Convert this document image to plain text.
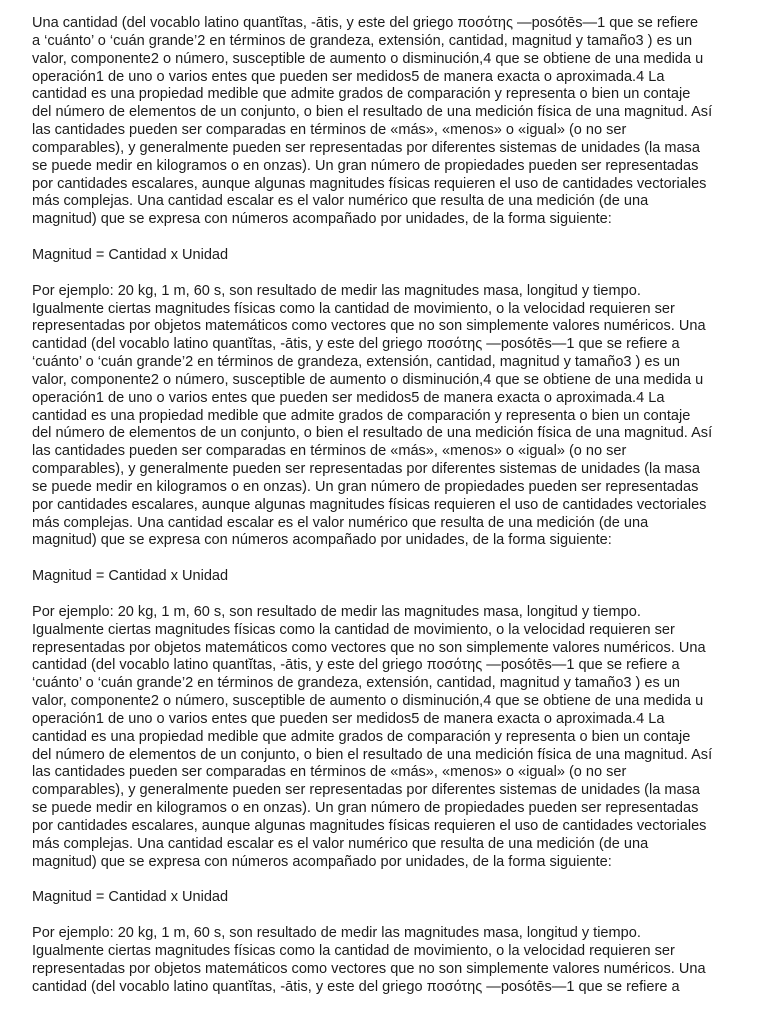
Una cantidad (del vocablo latino quantĭtas, -ātis, y este del griego ποσότης —posótēs—1 que se refiere
a ‘cuánto’ o ‘cuán grande’2 en términos de grandeza, extensión, cantidad, magnitud y tamaño3 ) es un
valor, componente2 o número, susceptible de aumento o disminución,4 que se obtiene de una medida u
operación1 de uno o varios entes que pueden ser medidos5 de manera exacta o aproximada.4 La
cantidad es una propiedad medible que admite grados de comparación y representa o bien un contaje
del número de elementos de un conjunto, o bien el resultado de una medición física de una magnitud. Así
las cantidades pueden ser comparadas en términos de «más», «menos» o «igual» (o no ser
comparables), y generalmente pueden ser representadas por diferentes sistemas de unidades (la masa
se puede medir en kilogramos o en onzas). Un gran número de propiedades pueden ser representadas
por cantidades escalares, aunque algunas magnitudes físicas requieren el uso de cantidades vectoriales
más complejas. Una cantidad escalar es el valor numérico que resulta de una medición (de una
magnitud) que se expresa con números acompañado por unidades, de la forma siguiente:

Magnitud = Cantidad x Unidad

Por ejemplo: 20 kg, 1 m, 60 s, son resultado de medir las magnitudes masa, longitud y tiempo.
Igualmente ciertas magnitudes físicas como la cantidad de movimiento, o la velocidad requieren ser
representadas por objetos matemáticos como vectores que no son simplemente valores numéricos. Una
cantidad (del vocablo latino quantĭtas, -ātis, y este del griego ποσότης —posótēs—1 que se refiere a
‘cuánto’ o ‘cuán grande’2 en términos de grandeza, extensión, cantidad, magnitud y tamaño3 ) es un
valor, componente2 o número, susceptible de aumento o disminución,4 que se obtiene de una medida u
operación1 de uno o varios entes que pueden ser medidos5 de manera exacta o aproximada.4 La
cantidad es una propiedad medible que admite grados de comparación y representa o bien un contaje
del número de elementos de un conjunto, o bien el resultado de una medición física de una magnitud. Así
las cantidades pueden ser comparadas en términos de «más», «menos» o «igual» (o no ser
comparables), y generalmente pueden ser representadas por diferentes sistemas de unidades (la masa
se puede medir en kilogramos o en onzas). Un gran número de propiedades pueden ser representadas
por cantidades escalares, aunque algunas magnitudes físicas requieren el uso de cantidades vectoriales
más complejas. Una cantidad escalar es el valor numérico que resulta de una medición (de una
magnitud) que se expresa con números acompañado por unidades, de la forma siguiente:

Magnitud = Cantidad x Unidad

Por ejemplo: 20 kg, 1 m, 60 s, son resultado de medir las magnitudes masa, longitud y tiempo.
Igualmente ciertas magnitudes físicas como la cantidad de movimiento, o la velocidad requieren ser
representadas por objetos matemáticos como vectores que no son simplemente valores numéricos. Una
cantidad (del vocablo latino quantĭtas, -ātis, y este del griego ποσότης —posótēs—1 que se refiere a
‘cuánto’ o ‘cuán grande’2 en términos de grandeza, extensión, cantidad, magnitud y tamaño3 ) es un
valor, componente2 o número, susceptible de aumento o disminución,4 que se obtiene de una medida u
operación1 de uno o varios entes que pueden ser medidos5 de manera exacta o aproximada.4 La
cantidad es una propiedad medible que admite grados de comparación y representa o bien un contaje
del número de elementos de un conjunto, o bien el resultado de una medición física de una magnitud. Así
las cantidades pueden ser comparadas en términos de «más», «menos» o «igual» (o no ser
comparables), y generalmente pueden ser representadas por diferentes sistemas de unidades (la masa
se puede medir en kilogramos o en onzas). Un gran número de propiedades pueden ser representadas
por cantidades escalares, aunque algunas magnitudes físicas requieren el uso de cantidades vectoriales
más complejas. Una cantidad escalar es el valor numérico que resulta de una medición (de una
magnitud) que se expresa con números acompañado por unidades, de la forma siguiente:

Magnitud = Cantidad x Unidad

Por ejemplo: 20 kg, 1 m, 60 s, son resultado de medir las magnitudes masa, longitud y tiempo.
Igualmente ciertas magnitudes físicas como la cantidad de movimiento, o la velocidad requieren ser
representadas por objetos matemáticos como vectores que no son simplemente valores numéricos. Una
cantidad (del vocablo latino quantĭtas, -ātis, y este del griego ποσότης —posótēs—1 que se refiere a
